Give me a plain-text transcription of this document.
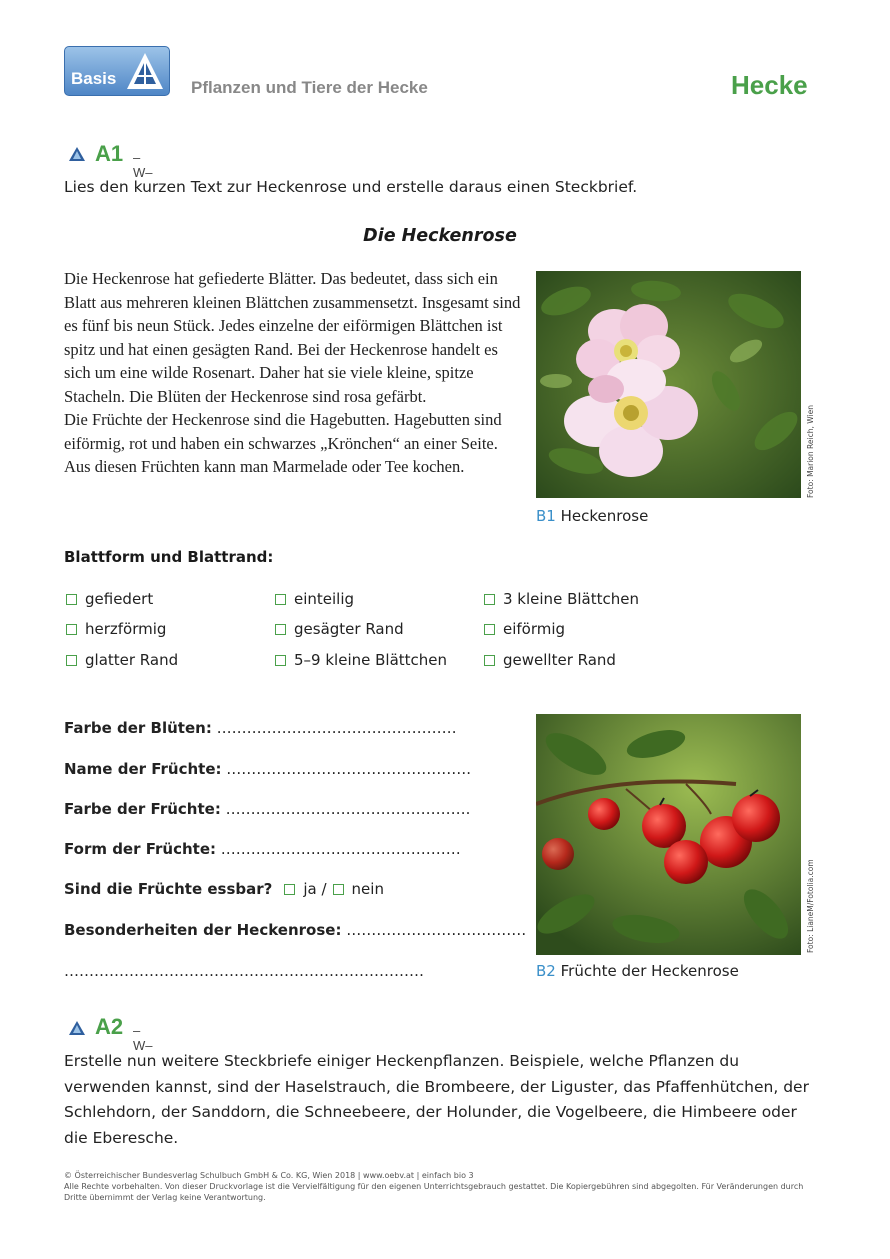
Basis	Pflanzen und Tiere der Hecke	Hecke
A1 –W–
Lies den kurzen Text zur Heckenrose und erstelle daraus einen Steckbrief.
Die Heckenrose

Die Heckenrose hat gefiederte Blätter. Das bedeutet, dass sich ein Blatt aus mehreren kleinen Blättchen zusammensetzt. Insgesamt sind es fünf bis neun Stück. Jedes einzelne der eiförmigen Blättchen ist spitz und hat einen gesägten Rand. Bei der Heckenrose handelt es sich um eine wilde Rosenart. Daher hat sie viele kleine, spitze Stacheln. Die Blüten der Heckenrose sind rosa gefärbt.

Die Früchte der Heckenrose sind die Hagebutten. Hagebutten sind eiförmig, rot und haben ein schwarzes „Krönchen“ an einer Seite. Aus diesen Früchten kann man Marmelade oder Tee kochen.	Foto: Marion Reich, Wien
B1 Heckenrose
Blattform und Blattrand:
gefiedert	einteilig	3 kleine Blättchen
herzförmig	gesägter Rand	eiförmig
glatter Rand	5–9 kleine Blättchen	gewellter Rand
Farbe der Blüten: …………………………………………
Name der Früchte: ………………………………………….
Farbe der Früchte: ………………………………………….
Form der Früchte: …………………………………………
Sind die Früchte essbar? ja / nein
Besonderheiten der Heckenrose: ………………………………
………………………………………………………………
Foto: LianeM/Fotolia.com
B2 Früchte der Heckenrose
A2 –W–
Erstelle nun weitere Steckbriefe einiger Heckenpflanzen. Beispiele, welche Pflanzen du verwenden kannst, sind der Haselstrauch, die Brombeere, der Liguster, das Pfaffenhütchen, der Schlehdorn, der Sanddorn, die Schneebeere, der Holunder, die Vogelbeere, die Himbeere oder die Eberesche.
© Österreichischer Bundesverlag Schulbuch GmbH & Co. KG, Wien 2018 | www.oebv.at | einfach bio 3
Alle Rechte vorbehalten. Von dieser Druckvorlage ist die Vervielfältigung für den eigenen Unterrichtsgebrauch gestattet. Die Kopiergebühren sind abgegolten. Für Veränderungen durch Dritte übernimmt der Verlag keine Verantwortung.
